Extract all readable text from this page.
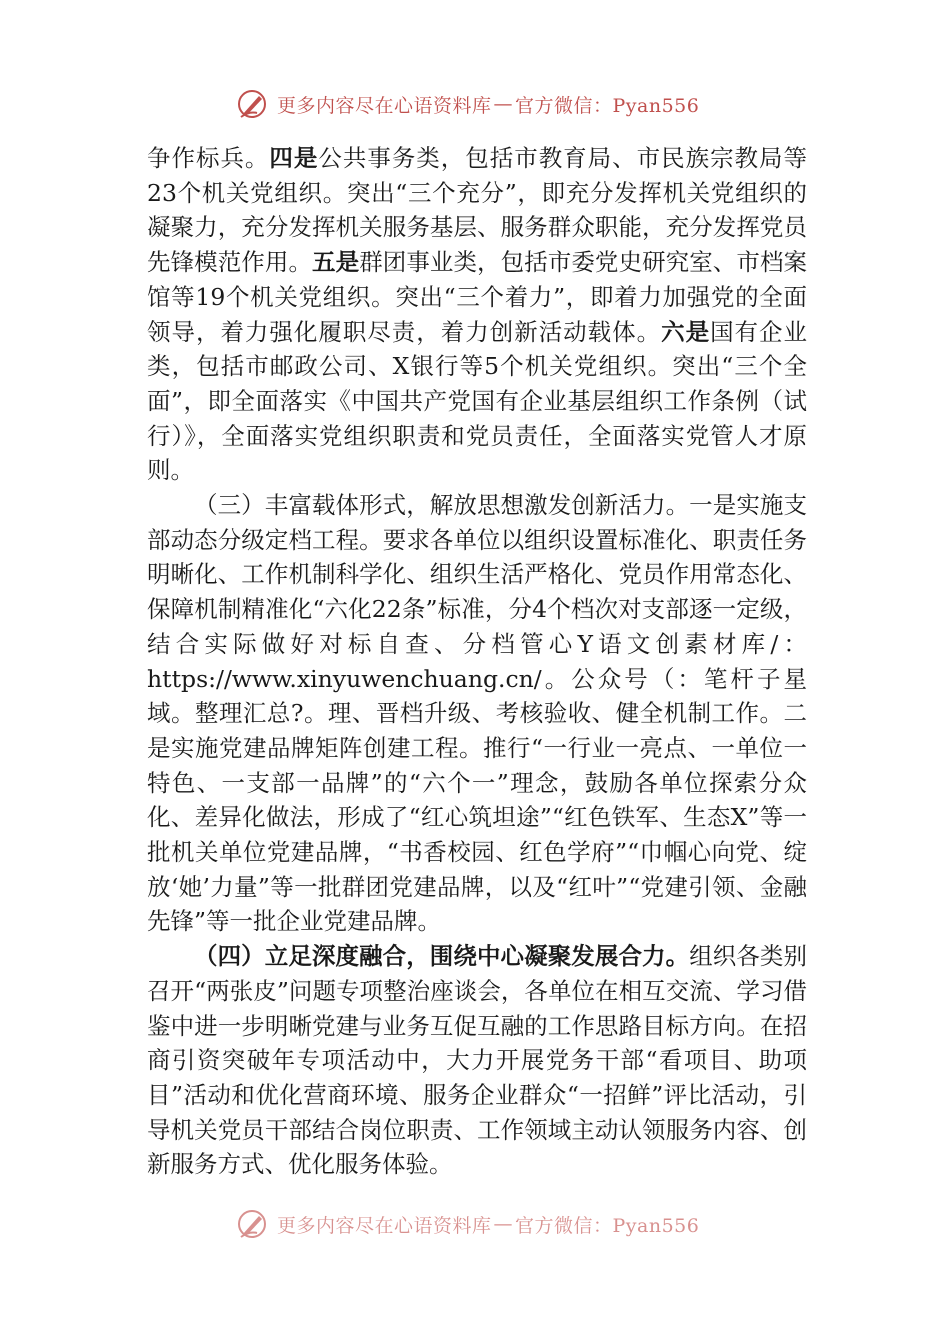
更多内容尽在心语资料库 — 官方微信：Pyan556

争作标兵。四是公共事务类，包括市教育局、市民族宗教局等23个机关党组织。突出“三个充分”，即充分发挥机关党组织的凝聚力，充分发挥机关服务基层、服务群众职能，充分发挥党员先锋模范作用。五是群团事业类，包括市委党史研究室、市档案馆等19个机关党组织。突出“三个着力”，即着力加强党的全面领导，着力强化履职尽责，着力创新活动载体。六是国有企业类，包括市邮政公司、X银行等5个机关党组织。突出“三个全面”，即全面落实《中国共产党国有企业基层组织工作条例（试行）》，全面落实党组织职责和党员责任，全面落实党管人才原则。

（三）丰富载体形式，解放思想激发创新活力。一是实施支部动态分级定档工程。要求各单位以组织设置标准化、职责任务明晰化、工作机制科学化、组织生活严格化、党员作用常态化、保障机制精准化“六化22条”标准，分4个档次对支部逐一定级，结合实际做好对标自查、分档管心Y语文创素材库/：https://www.xinyuwenchuang.cn/。公众号（：笔杆子星域。整理汇总?。理、晋档升级、考核验收、健全机制工作。二是实施党建品牌矩阵创建工程。推行“一行业一亮点、一单位一特色、一支部一品牌”的“六个一”理念，鼓励各单位探索分众化、差异化做法，形成了“红心筑坦途”“红色铁军、生态X”等一批机关单位党建品牌，“书香校园、红色学府”“巾帼心向党、绽放‘她’力量”等一批群团党建品牌，以及“红叶”“党建引领、金融先锋”等一批企业党建品牌。

（四）立足深度融合，围绕中心凝聚发展合力。组织各类别召开“两张皮”问题专项整治座谈会，各单位在相互交流、学习借鉴中进一步明晰党建与业务互促互融的工作思路目标方向。在招商引资突破年专项活动中，大力开展党务干部“看项目、助项目”活动和优化营商环境、服务企业群众“一招鲜”评比活动，引导机关党员干部结合岗位职责、工作领域主动认领服务内容、创新服务方式、优化服务体验。

更多内容尽在心语资料库 — 官方微信：Pyan556
